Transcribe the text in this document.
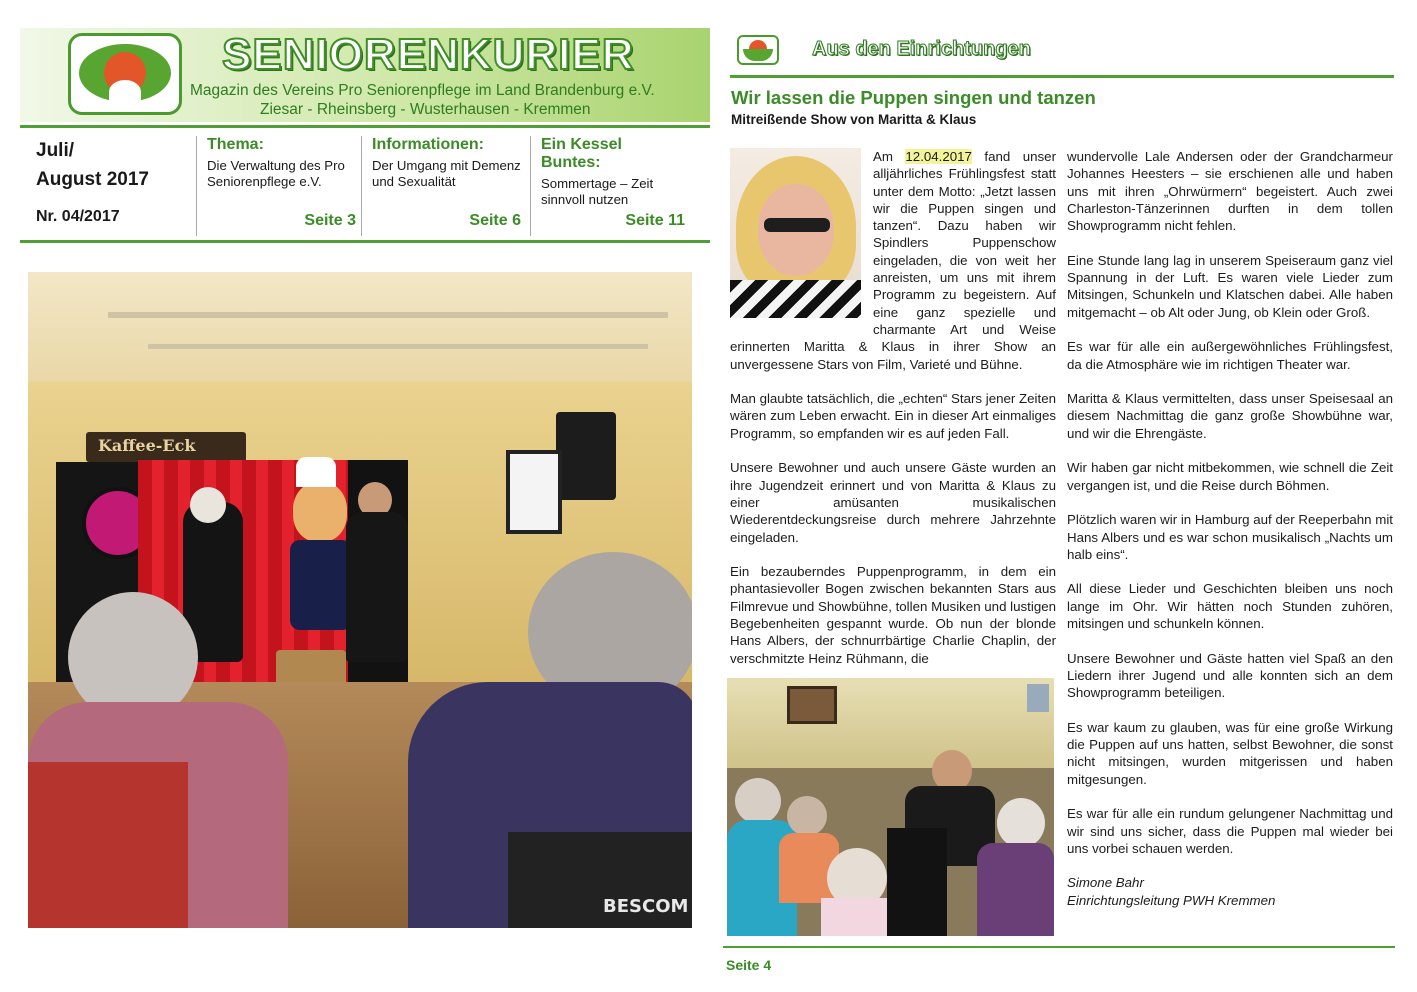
SENIORENKURIER
Magazin des Vereins Pro Seniorenpflege im Land Brandenburg e.V.
Ziesar - Rheinsberg - Wusterhausen - Kremmen
Juli/
August 2017
Nr. 04/2017
Thema:
Die Verwaltung des Pro Seniorenpflege e.V.
Seite 3
Informationen:
Der Umgang mit Demenz und Sexualität
Seite 6
Ein Kessel Buntes:
Sommertage – Zeit sinnvoll nutzen
Seite 11
Kaffee-Eck
BESCOM
Aus den Einrichtungen
Wir lassen die Puppen singen und tanzen
Mitreißende Show von Maritta & Klaus

Am 12.04.2017 fand unser alljährliches Frühlingsfest statt unter dem Motto: „Jetzt lassen wir die Puppen singen und tanzen“. Dazu haben wir Spindlers Puppenschow eingeladen, die von weit her anreisten, um uns mit ihrem Programm zu begeistern. Auf eine ganz spezielle und charmante Art und Weise erinnerten Maritta & Klaus in ihrer Show an unvergessene Stars von Film, Varieté und Bühne.

Man glaubte tatsächlich, die „echten“ Stars jener Zeiten wären zum Leben erwacht. Ein in dieser Art einmaliges Programm, so empfanden wir es auf jeden Fall.

Unsere Bewohner und auch unsere Gäste wurden an ihre Jugendzeit erinnert und von Maritta & Klaus zu einer amüsanten musikalischen Wiederentdeckungsreise durch mehrere Jahrzehnte eingeladen.

Ein bezauberndes Puppenprogramm, in dem ein phantasievoller Bogen zwischen bekannten Stars aus Filmrevue und Showbühne, tollen Musiken und lustigen Begebenheiten gespannt wurde. Ob nun der blonde Hans Albers, der schnurrbärtige Charlie Chaplin, der verschmitzte Heinz Rühmann, die

wundervolle Lale Andersen oder der Grandcharmeur Johannes Heesters – sie erschienen alle und haben uns mit ihren „Ohrwürmern“ begeistert. Auch zwei Charleston-Tänzerinnen durften in dem tollen Showprogramm nicht fehlen.

Eine Stunde lang lag in unserem Speiseraum ganz viel Spannung in der Luft. Es waren viele Lieder zum Mitsingen, Schunkeln und Klatschen dabei. Alle haben mitgemacht – ob Alt oder Jung, ob Klein oder Groß.

Es war für alle ein außergewöhnliches Frühlingsfest, da die Atmosphäre wie im richtigen Theater war.

Maritta & Klaus vermittelten, dass unser Speisesaal an diesem Nachmittag die ganz große Showbühne war, und wir die Ehrengäste.

Wir haben gar nicht mitbekommen, wie schnell die Zeit vergangen ist, und die Reise durch Böhmen.

Plötzlich waren wir in Hamburg auf der Reeperbahn mit Hans Albers und es war schon musikalisch „Nachts um halb eins“.

All diese Lieder und Geschichten bleiben uns noch lange im Ohr. Wir hätten noch Stunden zuhören, mitsingen und schunkeln können.

Unsere Bewohner und Gäste hatten viel Spaß an den Liedern ihrer Jugend und alle konnten sich an dem Showprogramm beteiligen.

Es war kaum zu glauben, was für eine große Wirkung die Puppen auf uns hatten, selbst Bewohner, die sonst nicht mitsingen, wurden mitgerissen und haben mitgesungen.

Es war für alle ein rundum gelungener Nachmittag und wir sind uns sicher, dass die Puppen mal wieder bei uns vorbei schauen werden.

Simone Bahr
Einrichtungsleitung PWH Kremmen
Seite 4
